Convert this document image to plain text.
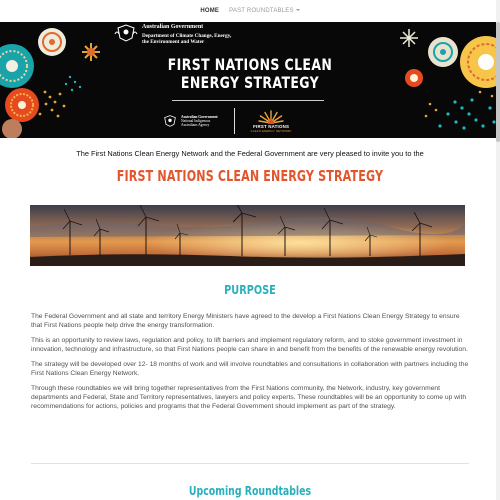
HOME PAST ROUNDTABLES
Australian Government
Department of Climate Change, Energy,
the Environment and Water
FIRST NATIONS CLEAN
ENERGY STRATEGY
Australian Government
National Indigenous
Australians Agency	FIRST NATIONS
CLEAN ENERGY NETWORK

The First Nations Clean Energy Network and the Federal Government are very pleased to invite you to the

FIRST NATIONS CLEAN ENERGY STRATEGY
PURPOSE

The Federal Government and all state and territory Energy Ministers have agreed to the develop a First Nations Clean Energy Strategy to ensure that First Nations people help drive the energy transformation.

This is an opportunity to review laws, regulation and policy, to lift barriers and implement regulatory reform, and to stoke government investment in innovation, technology and infrastructure, so that First Nations people can share in and benefit from the benefits of the renewable energy revolution.

The strategy will be developed over 12- 18 months of work and will involve roundtables and consultations in collaboration with partners including the First Nations Clean Energy Network.

Through these roundtables we will bring together representatives from the First Nations community, the Network, industry, key government departments and Federal, State and Territory representatives, lawyers and policy experts. These roundtables will be an opportunity to come up with recommendations for actions, policies and programs that the Federal Government should implement as part of the strategy.

Upcoming Roundtables
